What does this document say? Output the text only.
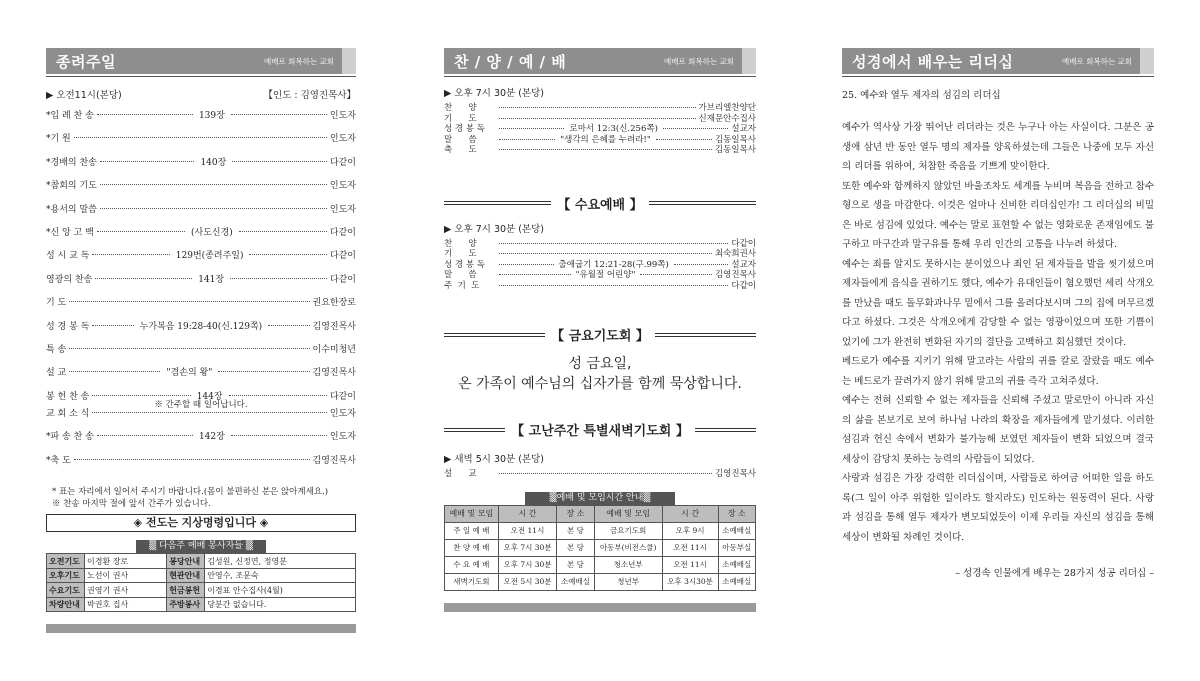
종려주일	예배로 회복하는 교회
▶ 오전11시(본당)	【인도 : 김영진목사】
*입 례 찬 송	139장	인도자
*기 원	인도자
*경배의 찬송	140장	다같이
*참회의 기도	인도자
*용서의 말씀	인도자
*신 앙 고 백	(사도신경)	다같이
성 시 교 독	129번(종려주일)	다같이
영광의 찬송	141장	다같이
기 도	권요한장로
성 경 봉 독	누가복음 19:28-40(신.129쪽)	김영진목사
특 송	이수미청년
설 교	"겸손의 왕"	김영진목사
봉 헌 찬 송	144장	다같이
※ 간주할 때 일어납니다.
교 회 소 식	인도자
*파 송 찬 송	142장	인도자
*축 도	김영진목사
* 표는 자리에서 일어서 주시기 바랍니다.(몸이 불편하신 분은 앉아계세요.)
※ 찬송 마지막 절에 앞서 간주가 있습니다.
◈ 전도는 지상명령입니다 ◈
▒ 다음주 예배 봉사자들 ▒
오전기도	이경환 장로	봉당안내	김성원, 신정연, 정영분
오후기도	노선이 권사	현관안내	안영수, 조문숙
수요기도	권영기 권사	헌금봉헌	이경표 안수집사(4월)
차량안내	박권호 집사	주방봉사	당분간 없습니다.
찬 / 양 / 예 / 배	예배로 회복하는 교회
▶ 오후 7시 30분 (본당)
찬      양	가브리엘찬양단
기      도	신재문안수집사
성 경 봉 독	로마서 12:3(신.256쪽)	설교자
말      씀	"생각의 은혜를 누려라!"	김동일목사
축      도	김동일목사
【 수요예배 】
▶ 오후 7시 30분 (본당)
찬      양	다같이
기      도	최숙희권사
성 경 봉 독	출애굽기 12:21-28(구.99쪽)	설교자
말      씀	"유월절 어린양"	김영진목사
주  기  도	다같이
【 금요기도회 】
성 금요일,
온 가족이 예수님의 십자가를 함께 묵상합니다.
【 고난주간 특별새벽기도회 】
▶ 새벽 5시 30분 (본당)
설      교	김영진목사
▒예배 및 모임시간 안내▒
예배 및 모임	시 간	장 소	예배 및 모임	시 간	장 소
주 일 예 배	오전 11시	본 당	금요기도회	오후 9시	소예배실
찬 양 예 배	오후 7시 30분	본 당	아동부(비전스쿨)	오전 11시	아동부실
수 요 예 배	오후 7시 30분	본 당	청소년부	오전 11시	소예배실
새벽기도회	오전 5시 30분	소예배실	청년부	오후 3시30분	소예배실
성경에서 배우는 리더십	예배로 회복하는 교회
25. 예수와 열두 제자의 섬김의 리더십

예수가 역사상 가장 뛰어난 리더라는 것은 누구나 아는 사실이다. 그분은 공생애 삼년 반 동안 열두 명의 제자를 양육하셨는데 그들은 나중에 모두 자신의 리더를 위하여, 처참한 죽음을 기쁘게 맞이한다.

또한 예수와 함께하지 않았던 바울조차도 세계를 누비며 복음을 전하고 참수형으로 생을 마감한다. 이것은 얼마나 신비한 리더십인가! 그 리더십의 비밀은 바로 섬김에 있었다. 예수는 말로 표현할 수 없는 영화로운 존재임에도 불구하고 마구간과 말구유를 통해 우리 인간의 고통을 나누려 하셨다.

예수는 죄를 알지도 못하시는 분이었으나 죄인 된 제자들을 발을 씻기셨으며 제자들에게 음식을 권하기도 했다, 예수가 유대인들이 혐오했던 세리 삭개오를 만났을 때도 돌무화과나무 밑에서 그를 올려다보시며 그의 집에 머무르겠다고 하셨다. 그것은 삭개오에게 감당할 수 없는 영광이었으며 또한 기쁨이었기에 그가 완전히 변화된 자기의 결단을 고백하고 회심했던 것이다.

베드로가 예수를 지키기 위해 말고라는 사람의 귀를 칼로 잘랐을 때도 예수는 베드로가 끌려가지 않기 위해 말고의 귀를 즉각 고쳐주셨다.

예수는 전혀 신뢰할 수 없는 제자들을 신뢰해 주셨고 말로만이 아니라 자신의 삶을 본보기로 보여 하나님 나라의 확장을 제자들에게 맡기셨다. 이러한 섬김과 헌신 속에서 변화가 불가능해 보였던 제자들이 변화 되었으며 결국 세상이 감당치 못하는 능력의 사람들이 되었다.

사랑과 섬김은 가장 강력한 리더십이며, 사람들로 하여금 어떠한 일을 하도록(그 일이 아주 위험한 일이라도 할지라도) 인도하는 원동력이 된다. 사랑과 섬김을 통해 열두 제자가 변모되었듯이 이제 우리들 자신의 섬김을 통해 세상이 변화될 차례인 것이다.

– 성경속 인물에게 배우는 28가지 성공 리더십 –
